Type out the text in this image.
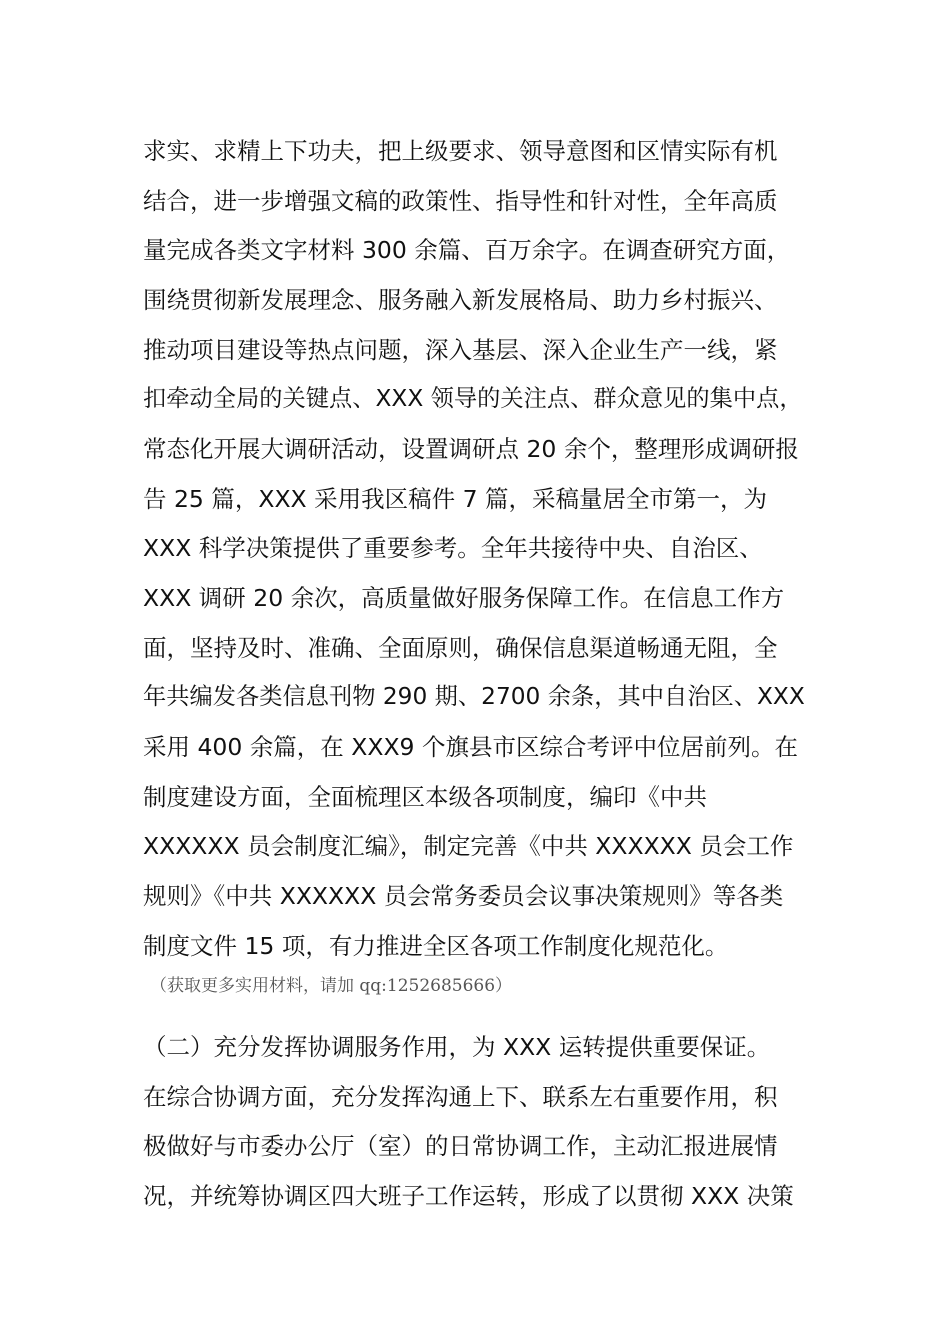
求实、求精上下功夫，把上级要求、领导意图和区情实际有机
结合，进一步增强文稿的政策性、指导性和针对性，全年高质
量完成各类文字材料 300 余篇、百万余字。在调查研究方面，
围绕贯彻新发展理念、服务融入新发展格局、助力乡村振兴、
推动项目建设等热点问题，深入基层、深入企业生产一线，紧
扣牵动全局的关键点、XXX 领导的关注点、群众意见的集中点，
常态化开展大调研活动，设置调研点 20 余个，整理形成调研报
告 25 篇，XXX 采用我区稿件 7 篇，采稿量居全市第一，为
XXX 科学决策提供了重要参考。全年共接待中央、自治区、
XXX 调研 20 余次，高质量做好服务保障工作。在信息工作方
面，坚持及时、准确、全面原则，确保信息渠道畅通无阻，全
年共编发各类信息刊物 290 期、2700 余条，其中自治区、XXX
采用 400 余篇，在 XXX9 个旗县市区综合考评中位居前列。在
制度建设方面，全面梳理区本级各项制度，编印《中共
XXXXXX 员会制度汇编》，制定完善《中共 XXXXXX 员会工作
规则》《中共 XXXXXX 员会常务委员会议事决策规则》等各类
制度文件 15 项，有力推进全区各项工作制度化规范化。
（获取更多实用材料，请加 qq:1252685666）
（二）充分发挥协调服务作用，为 XXX 运转提供重要保证。
在综合协调方面，充分发挥沟通上下、联系左右重要作用，积
极做好与市委办公厅（室）的日常协调工作，主动汇报进展情
况，并统筹协调区四大班子工作运转，形成了以贯彻 XXX 决策
